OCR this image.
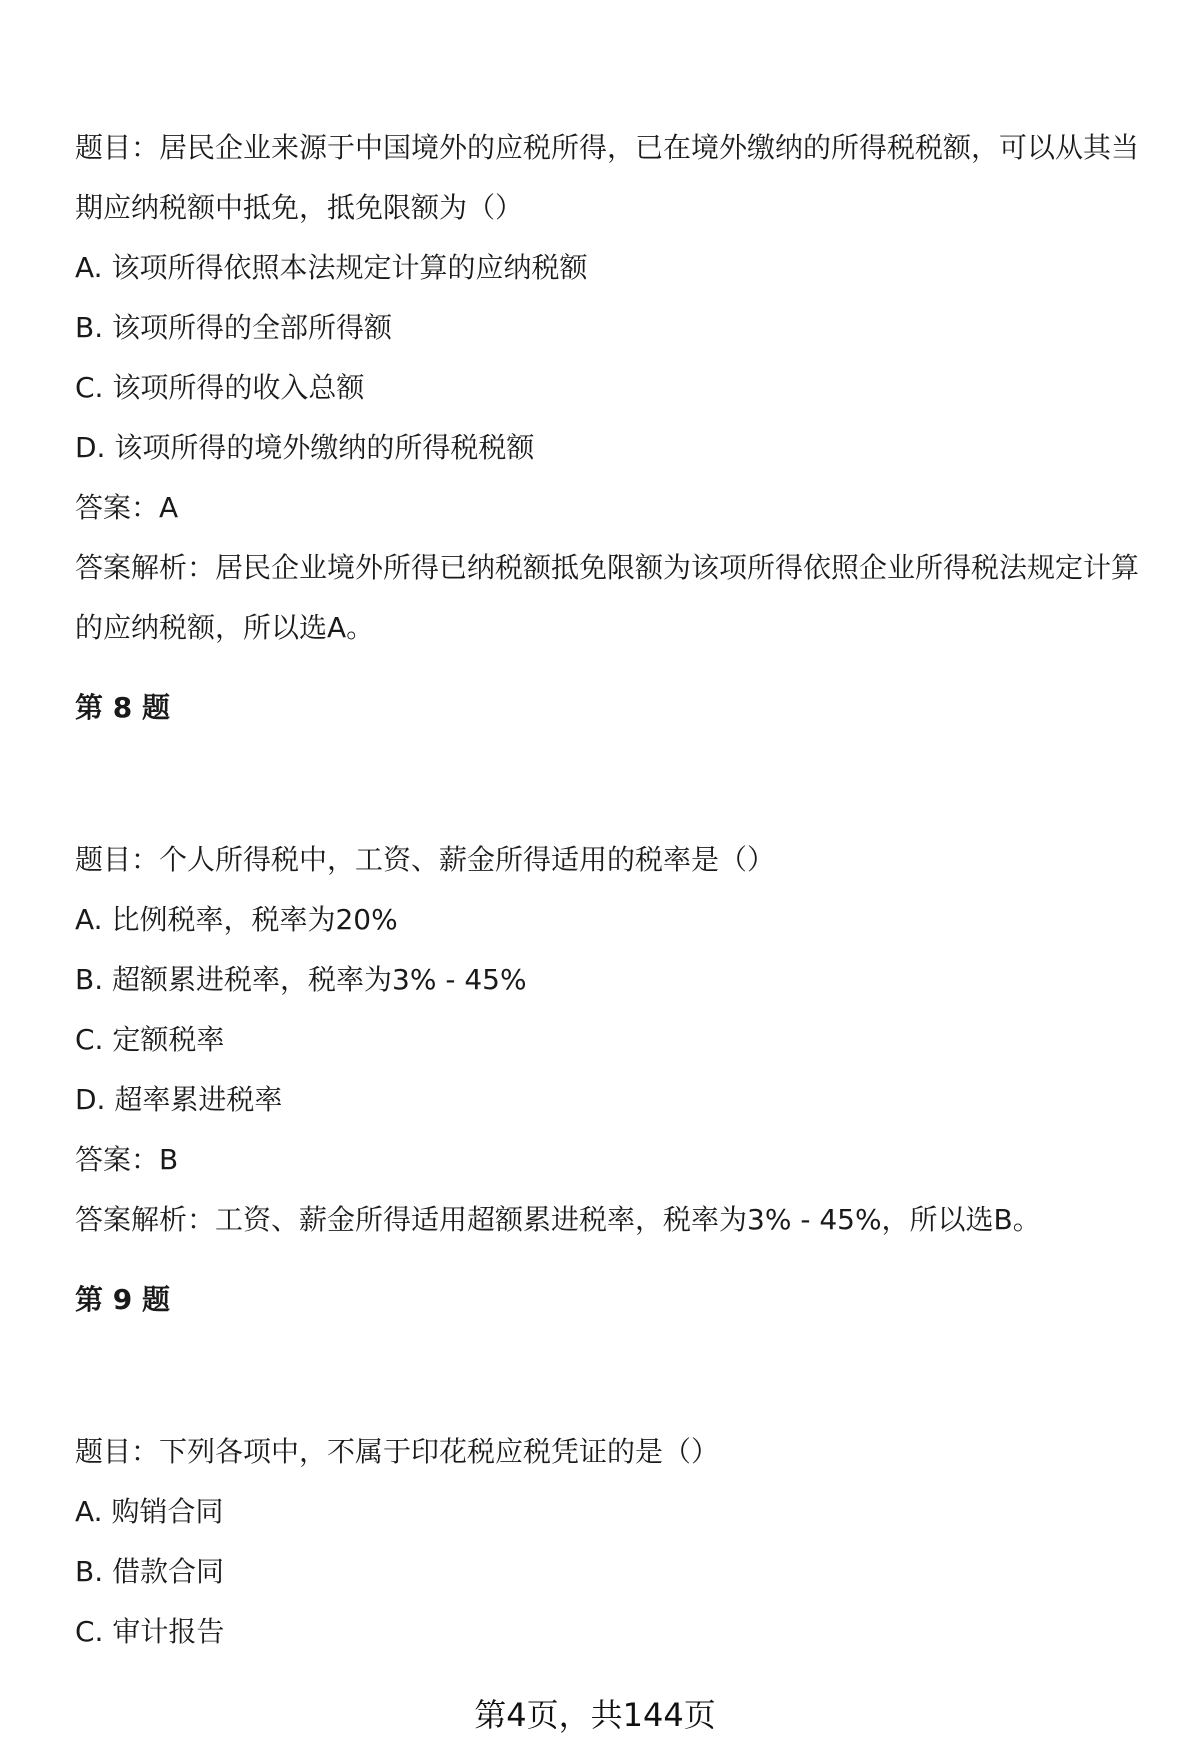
题目：居民企业来源于中国境外的应税所得，已在境外缴纳的所得税税额，可以从其当期应纳税额中抵免，抵免限额为（）
A. 该项所得依照本法规定计算的应纳税额
B. 该项所得的全部所得额
C. 该项所得的收入总额
D. 该项所得的境外缴纳的所得税税额
答案：A
答案解析：居民企业境外所得已纳税额抵免限额为该项所得依照企业所得税法规定计算的应纳税额，所以选A。
第 8 题
题目：个人所得税中，工资、薪金所得适用的税率是（）
A. 比例税率，税率为20%
B. 超额累进税率，税率为3% - 45%
C. 定额税率
D. 超率累进税率
答案：B
答案解析：工资、薪金所得适用超额累进税率，税率为3% - 45%，所以选B。
第 9 题
题目：下列各项中，不属于印花税应税凭证的是（）
A. 购销合同
B. 借款合同
C. 审计报告
第4页，共144页
